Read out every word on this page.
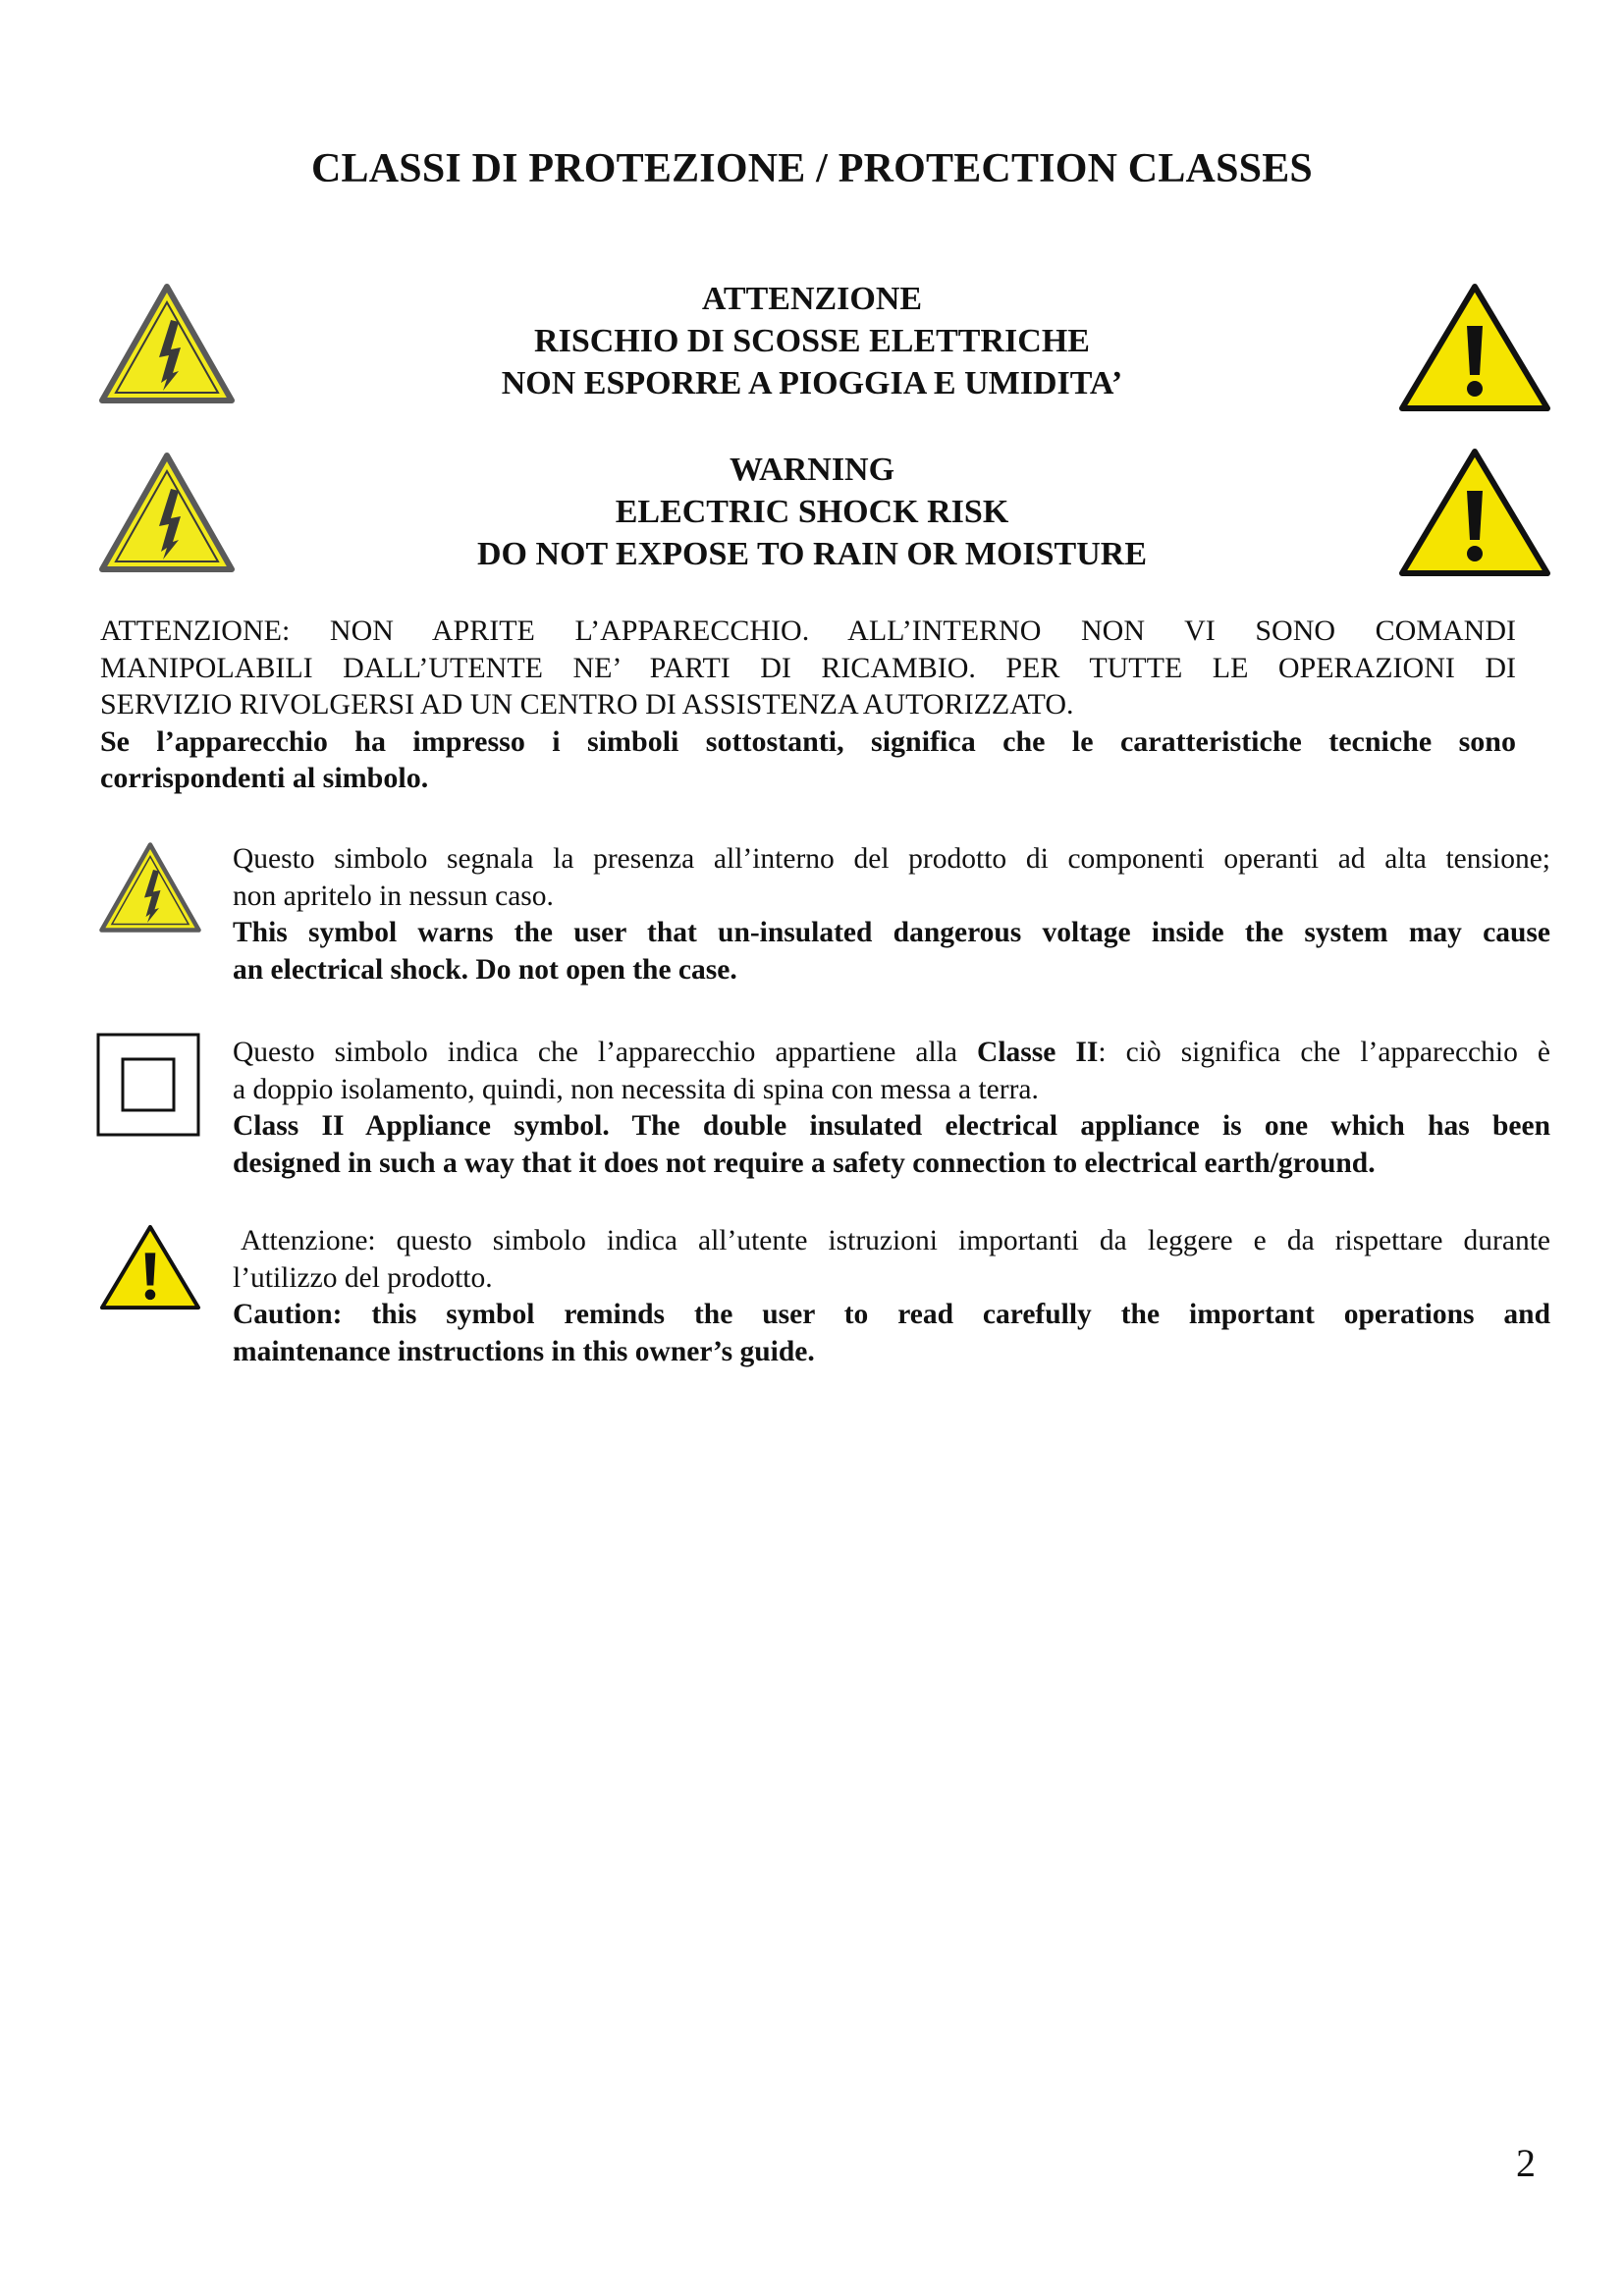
CLASSI DI PROTEZIONE / PROTECTION CLASSES
ATTENZIONE
RISCHIO DI SCOSSE ELETTRICHE
NON ESPORRE A PIOGGIA E UMIDITA’
WARNING
ELECTRIC SHOCK RISK
DO NOT EXPOSE TO RAIN OR MOISTURE
ATTENZIONE: NON APRITE L’APPARECCHIO. ALL’INTERNO NON VI SONO COMANDI
MANIPOLABILI DALL’UTENTE NE’ PARTI DI RICAMBIO. PER TUTTE LE OPERAZIONI DI
SERVIZIO RIVOLGERSI AD UN CENTRO DI ASSISTENZA AUTORIZZATO.
Se l’apparecchio ha impresso i simboli sottostanti, significa che le caratteristiche tecniche sono
corrispondenti al simbolo.
Questo simbolo segnala la presenza all’interno del prodotto di componenti operanti ad alta tensione;
non apritelo in nessun caso.
This symbol warns the user that un-insulated dangerous voltage inside the system may cause
an electrical shock. Do not open the case.
Questo simbolo indica che l’apparecchio appartiene alla Classe II: ciò significa che l’apparecchio è
a doppio isolamento, quindi, non necessita di spina con messa a terra.
Class II Appliance symbol. The double insulated electrical appliance is one which has been
designed in such a way that it does not require a safety connection to electrical earth/ground.
Attenzione: questo simbolo indica all’utente istruzioni importanti da leggere e da rispettare durante
l’utilizzo del prodotto.
Caution: this symbol reminds the user to read carefully the important operations and
maintenance instructions in this owner’s guide.
2
